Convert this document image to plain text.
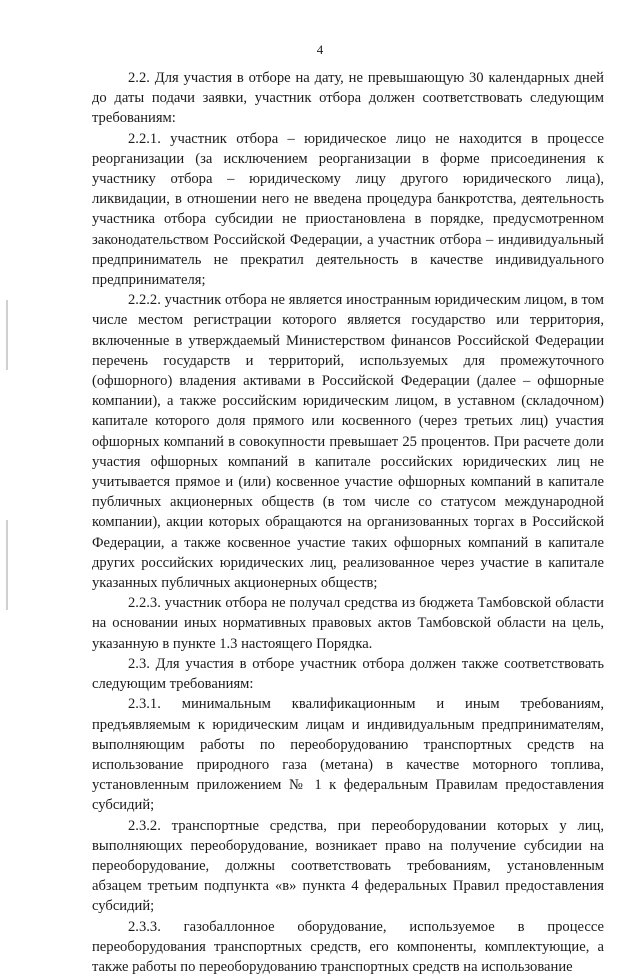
4

2.2. Для участия в отборе на дату, не превышающую 30 календарных дней до даты подачи заявки, участник отбора должен соответствовать следующим требованиям:

2.2.1. участник отбора – юридическое лицо не находится в процессе реорганизации (за исключением реорганизации в форме присоединения к участнику отбора – юридическому лицу другого юридического лица), ликвидации, в отношении него не введена процедура банкротства, деятельность участника отбора субсидии не приостановлена в порядке, предусмотренном законодательством Российской Федерации, а участник отбора – индивидуальный предприниматель не прекратил деятельность в качестве индивидуального предпринимателя;

2.2.2. участник отбора не является иностранным юридическим лицом, в том числе местом регистрации которого является государство или территория, включенные в утверждаемый Министерством финансов Российской Федерации перечень государств и территорий, используемых для промежуточного (офшорного) владения активами в Российской Федерации (далее – офшорные компании), а также российским юридическим лицом, в уставном (складочном) капитале которого доля прямого или косвенного (через третьих лиц) участия офшорных компаний в совокупности превышает 25 процентов. При расчете доли участия офшорных компаний в капитале российских юридических лиц не учитывается прямое и (или) косвенное участие офшорных компаний в капитале публичных акционерных обществ (в том числе со статусом международной компании), акции которых обращаются на организованных торгах в Российской Федерации, а также косвенное участие таких офшорных компаний в капитале других российских юридических лиц, реализованное через участие в капитале указанных публичных акционерных обществ;

2.2.3. участник отбора не получал средства из бюджета Тамбовской области на основании иных нормативных правовых актов Тамбовской области на цель, указанную в пункте 1.3 настоящего Порядка.

2.3. Для участия в отборе участник отбора должен также соответствовать следующим требованиям:

2.3.1. минимальным квалификационным и иным требованиям, предъявляемым к юридическим лицам и индивидуальным предпринимателям, выполняющим работы по переоборудованию транспортных средств на использование природного газа (метана) в качестве моторного топлива, установленным приложением № 1 к федеральным Правилам предоставления субсидий;

2.3.2. транспортные средства, при переоборудовании которых у лиц, выполняющих переоборудование, возникает право на получение субсидии на переоборудование, должны соответствовать требованиям, установленным абзацем третьим подпункта «в» пункта 4 федеральных Правил предоставления субсидий;

2.3.3. газобаллонное оборудование, используемое в процессе переоборудования транспортных средств, его компоненты, комплектующие, а также работы по переоборудованию транспортных средств на использование
